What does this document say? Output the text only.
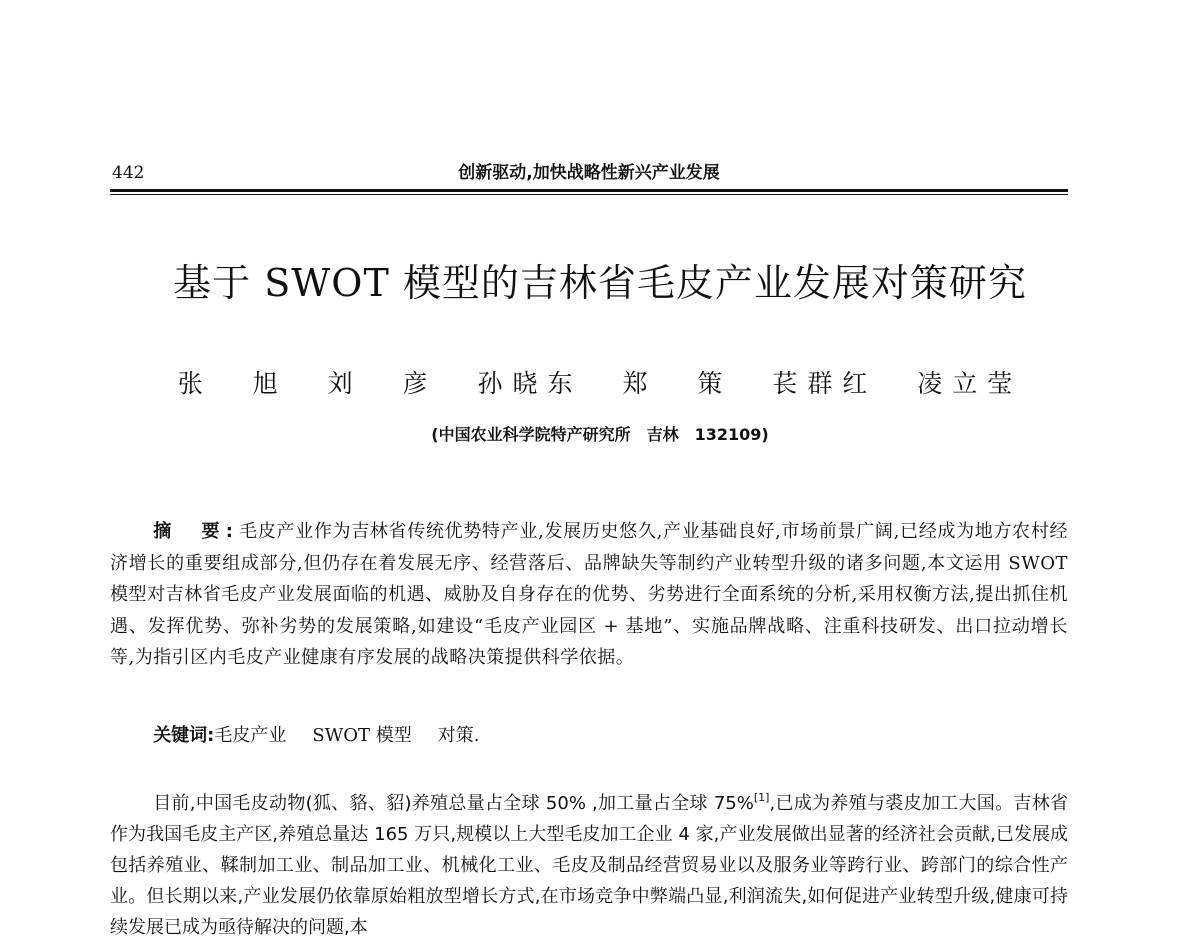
442	创新驱动,加快战略性新兴产业发展
基于 SWOT 模型的吉林省毛皮产业发展对策研究
张 旭 刘 彦 孙晓东 郑 策 苌群红 凌立莹
(中国农业科学院特产研究所　吉林　132109)
摘　要:毛皮产业作为吉林省传统优势特产业,发展历史悠久,产业基础良好,市场前景广阔,已经成为地方农村经济增长的重要组成部分,但仍存在着发展无序、经营落后、品牌缺失等制约产业转型升级的诸多问题,本文运用 SWOT 模型对吉林省毛皮产业发展面临的机遇、威胁及自身存在的优势、劣势进行全面系统的分析,采用权衡方法,提出抓住机遇、发挥优势、弥补劣势的发展策略,如建设“毛皮产业园区 + 基地”、实施品牌战略、注重科技研发、出口拉动增长等,为指引区内毛皮产业健康有序发展的战略决策提供科学依据。
关键词:毛皮产业 SWOT 模型 对策.
目前,中国毛皮动物(狐、貉、貂)养殖总量占全球 50% ,加工量占全球 75%[1],已成为养殖与裘皮加工大国。吉林省作为我国毛皮主产区,养殖总量达 165 万只,规模以上大型毛皮加工企业 4 家,产业发展做出显著的经济社会贡献,已发展成包括养殖业、鞣制加工业、制品加工业、机械化工业、毛皮及制品经营贸易业以及服务业等跨行业、跨部门的综合性产业。但长期以来,产业发展仍依靠原始粗放型增长方式,在市场竞争中弊端凸显,利润流失,如何促进产业转型升级,健康可持续发展已成为亟待解决的问题,本
